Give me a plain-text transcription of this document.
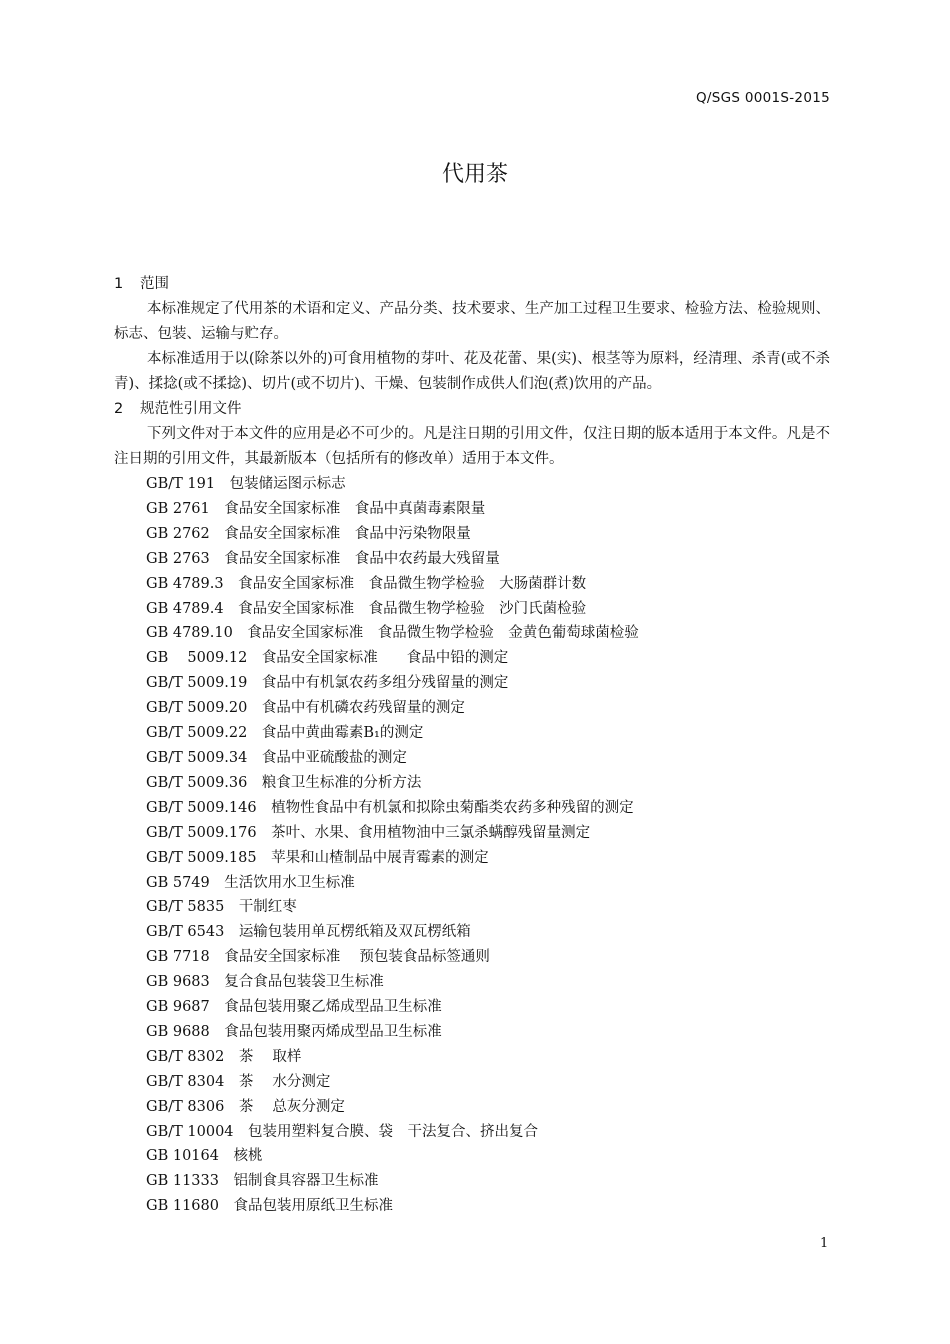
Q/SGS 0001S-2015
代用茶
1 范围

本标准规定了代用茶的术语和定义、产品分类、技术要求、生产加工过程卫生要求、检验方法、检验规则、标志、包装、运输与贮存。

本标准适用于以(除茶以外的)可食用植物的芽叶、花及花蕾、果(实)、根茎等为原料，经清理、杀青(或不杀青)、揉捻(或不揉捻)、切片(或不切片)、干燥、包装制作成供人们泡(煮)饮用的产品。

2 规范性引用文件

下列文件对于本文件的应用是必不可少的。凡是注日期的引用文件，仅注日期的版本适用于本文件。凡是不注日期的引用文件，其最新版本（包括所有的修改单）适用于本文件。

GB/T 191　 包装储运图示标志
GB 2761　 食品安全国家标准　食品中真菌毒素限量
GB 2762　 食品安全国家标准　食品中污染物限量
GB 2763　 食品安全国家标准　食品中农药最大残留量
GB 4789.3　 食品安全国家标准　食品微生物学检验　大肠菌群计数
GB 4789.4　 食品安全国家标准　食品微生物学检验　沙门氏菌检验
GB 4789.10　 食品安全国家标准　食品微生物学检验　金黄色葡萄球菌检验
GB　 5009.12　 食品安全国家标准　　食品中铅的测定
GB/T 5009.19　 食品中有机氯农药多组分残留量的测定
GB/T 5009.20　 食品中有机磷农药残留量的测定
GB/T 5009.22　 食品中黄曲霉素B₁的测定
GB/T 5009.34　 食品中亚硫酸盐的测定
GB/T 5009.36　 粮食卫生标准的分析方法
GB/T 5009.146　 植物性食品中有机氯和拟除虫菊酯类农药多种残留的测定
GB/T 5009.176　 茶叶、水果、食用植物油中三氯杀螨醇残留量测定
GB/T 5009.185　 苹果和山楂制品中展青霉素的测定
GB 5749　 生活饮用水卫生标准
GB/T 5835　 干制红枣
GB/T 6543　 运输包装用单瓦楞纸箱及双瓦楞纸箱
GB 7718　 食品安全国家标准　 预包装食品标签通则
GB 9683　 复合食品包装袋卫生标准
GB 9687　 食品包装用聚乙烯成型品卫生标准
GB 9688　 食品包装用聚丙烯成型品卫生标准
GB/T 8302　 茶　 取样
GB/T 8304　 茶　 水分测定
GB/T 8306　 茶　 总灰分测定
GB/T 10004　 包装用塑料复合膜、袋　干法复合、挤出复合
GB 10164　 核桃
GB 11333　 铝制食具容器卫生标准
GB 11680　 食品包装用原纸卫生标准
1
